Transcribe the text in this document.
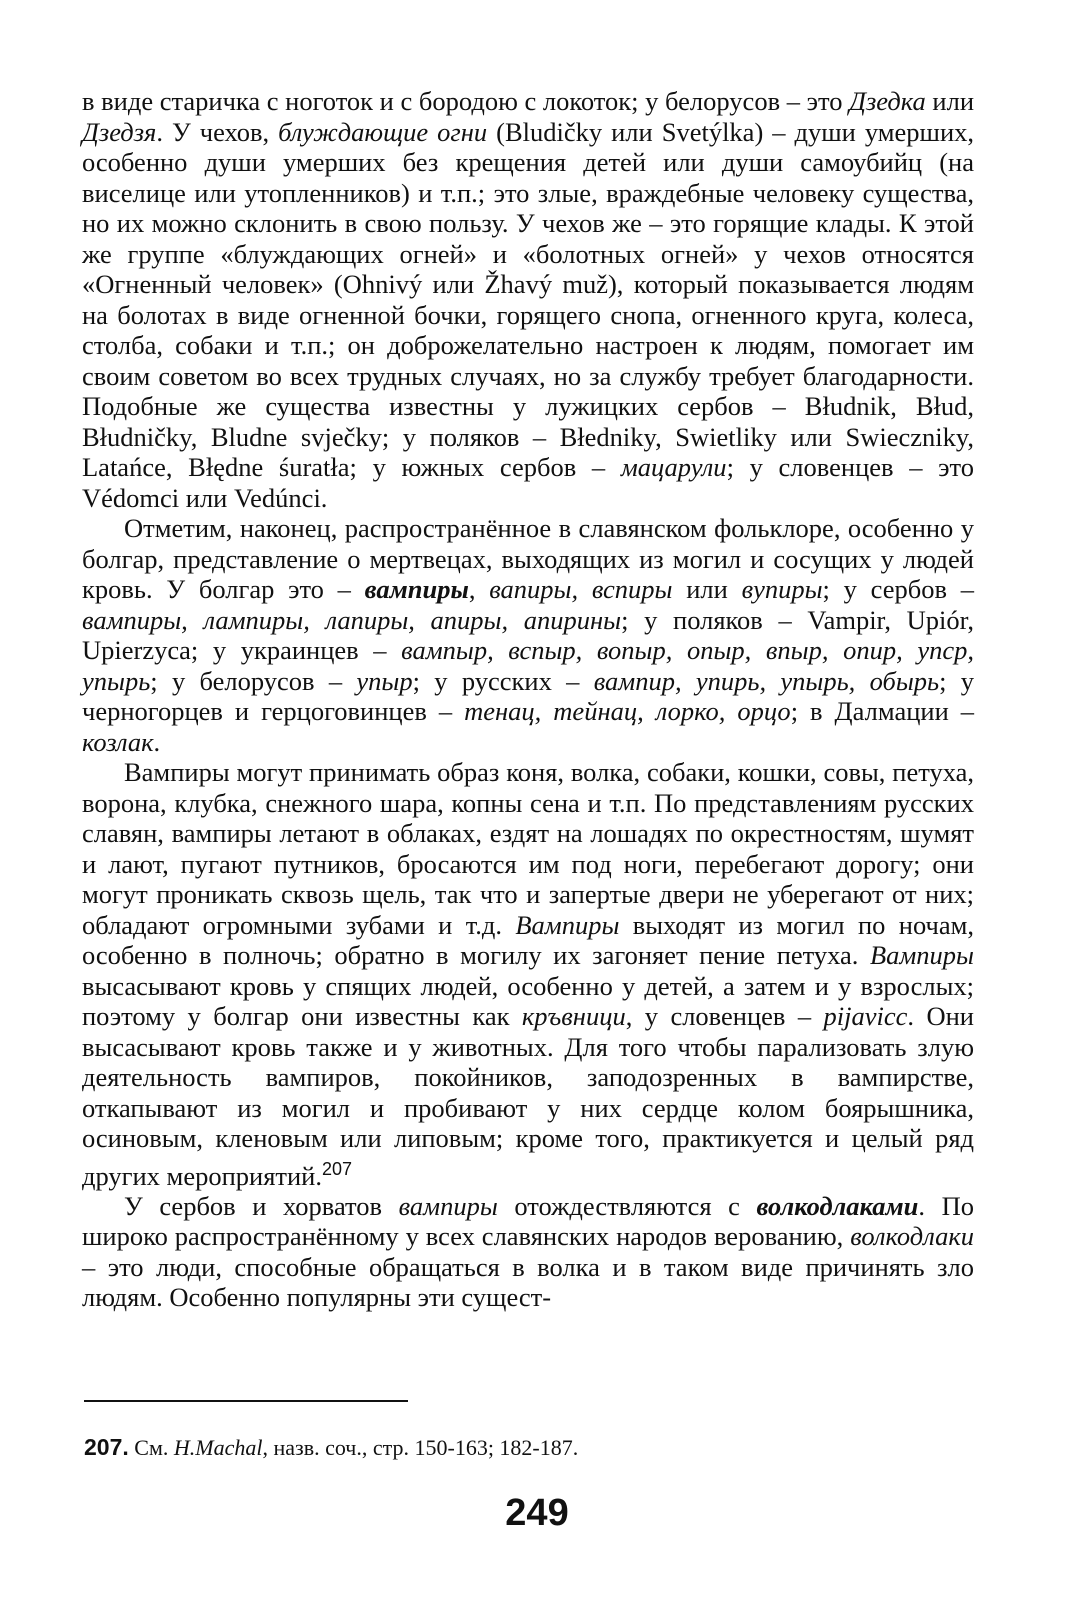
в виде старичка с ноготок и с бородою с локоток; у белорусов – это Дзедка или Дзедзя. У чехов, блуждающие огни (Bludičky или Svetýlka) – души умерших, особенно души умерших без крещения детей или души самоубийц (на виселице или утопленников) и т.п.; это злые, враждебные человеку существа, но их можно склонить в свою пользу. У чехов же – это горящие клады. К этой же группе «блуждающих огней» и «болотных огней» у чехов относятся «Огненный человек» (Ohnivý или Žhavý muž), который показывается людям на болотах в виде огненной бочки, горящего снопа, огненного круга, колеса, столба, собаки и т.п.; он доброжелательно настроен к людям, помогает им своим советом во всех трудных случаях, но за службу требует благодарности. Подобные же существа известны у лужицких сербов – Błudnik, Błud, Błudničky, Bludne svječky; у поляков – Błedniky, Swietliky или Swieczniky, Latańce, Błędne śuratła; у южных сербов – мацарули; у словенцев – это Védomci или Vedúnci.

Отметим, наконец, распространённое в славянском фольклоре, особенно у болгар, представление о мертвецах, выходящих из могил и сосущих у людей кровь. У болгар это – вампиры, вапиры, вспиры или вупиры; у сербов – вампиры, лампиры, лапиры, апиры, апирины; у поляков – Vampir, Upiór, Upierzyca; у украинцев – вампыр, вспыр, вопыр, опыр, впыр, опир, упср, упырь; у белорусов – упыр; у русских – вампир, упирь, упырь, обырь; у черногорцев и герцоговинцев – тенац, тейнац, лорко, орцо; в Далмации – козлак.

Вампиры могут принимать образ коня, волка, собаки, кошки, совы, петуха, ворона, клубка, снежного шара, копны сена и т.п. По представлениям русских славян, вампиры летают в облаках, ездят на лошадях по окрестностям, шумят и лают, пугают путников, бросаются им под ноги, перебегают дорогу; они могут проникать сквозь щель, так что и запертые двери не уберегают от них; обладают огромными зубами и т.д. Вампиры выходят из могил по ночам, особенно в полночь; обратно в могилу их загоняет пение петуха. Вампиры высасывают кровь у спящих людей, особенно у детей, а затем и у взрослых; поэтому у болгар они известны как кръвници, у словенцев – pijavicc. Они высасывают кровь также и у животных. Для того чтобы парализовать злую деятельность вампиров, покойников, заподозренных в вампирстве, откапывают из могил и пробивают у них сердце колом боярышника, осиновым, кленовым или липовым; кроме того, практикуется и целый ряд других мероприятий.$^{207}$

У сербов и хорватов вампиры отождествляются с волкодлаками. По широко распространённому у всех славянских народов верованию, волкодлаки – это люди, способные обращаться в волка и в таком виде причинять зло людям. Особенно популярны эти сущест-

207. См. H.Machal, назв. соч., стр. 150-163; 182-187.
249
